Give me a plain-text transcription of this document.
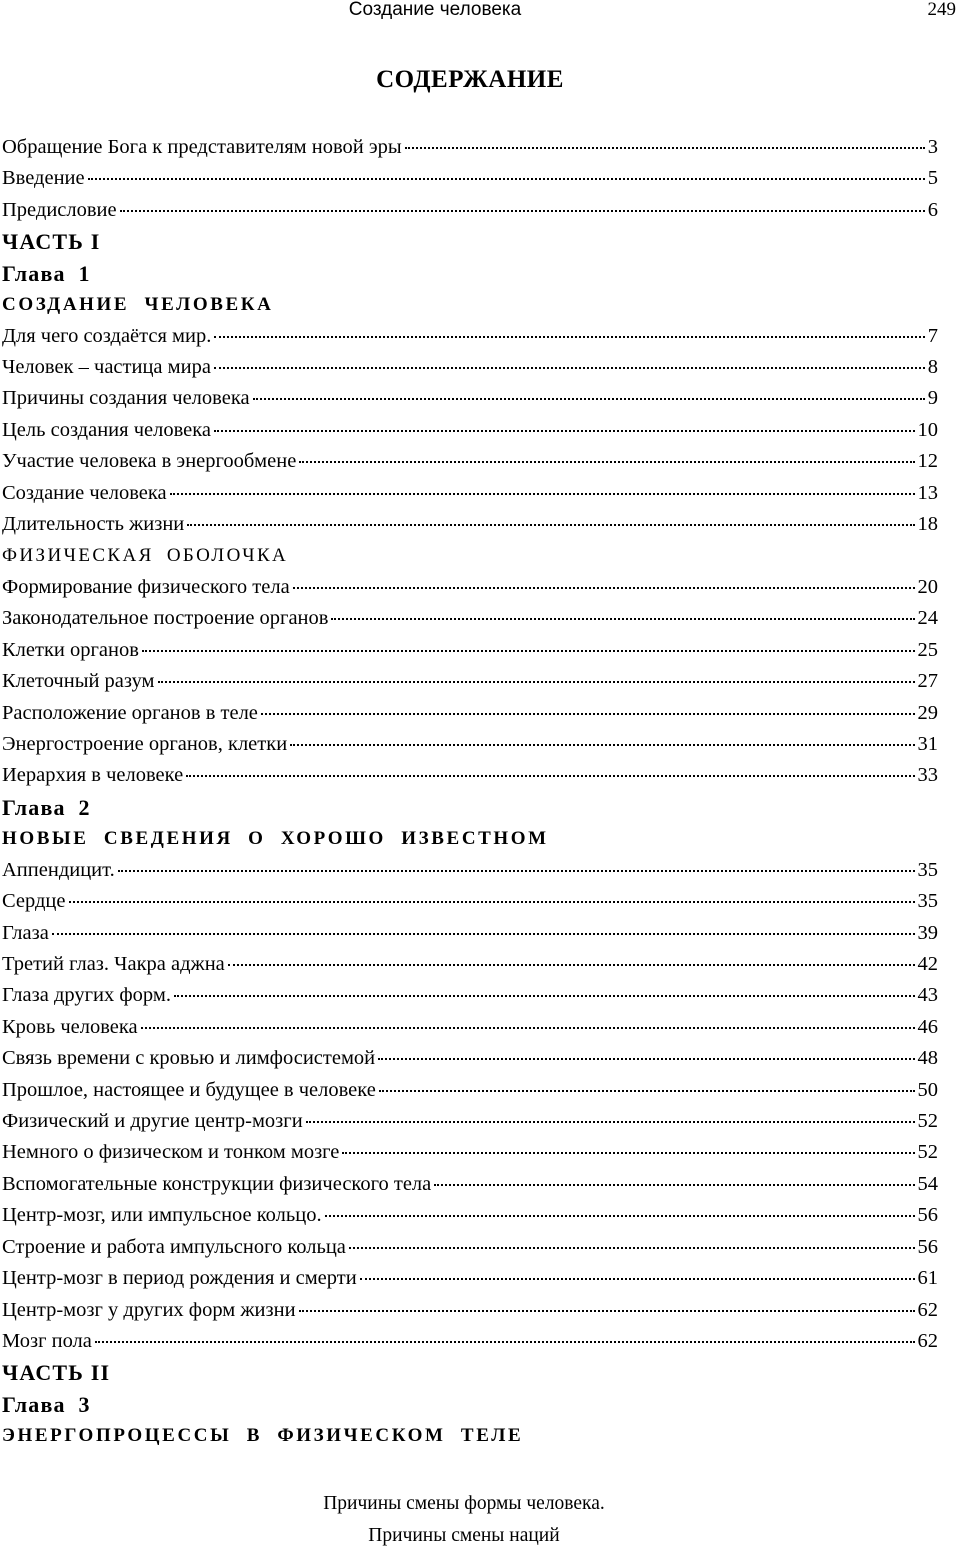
Создание человека	249
СОДЕРЖАНИЕ
Обращение Бога к представителям новой эры	3
Введение	5
Предисловие	6
ЧАСТЬ I
Глава 1
СОЗДАНИЕ ЧЕЛОВЕКА
Для чего создаётся мир.	7
Человек – частица мира	8
Причины создания человека	9
Цель создания человека	10
Участие человека в энергообмене	12
Создание человека	13
Длительность жизни	18
ФИЗИЧЕСКАЯ ОБОЛОЧКА
Формирование физического тела	20
Законодательное построение органов	24
Клетки органов	25
Клеточный разум	27
Расположение органов в теле	29
Энергостроение органов, клетки	31
Иерархия в человеке	33
Глава 2
НОВЫЕ СВЕДЕНИЯ О ХОРОШО ИЗВЕСТНОМ
Аппендицит.	35
Сердце	35
Глаза	39
Третий глаз. Чакра аджна	42
Глаза других форм.	43
Кровь человека	46
Связь времени с кровью и лимфосистемой	48
Прошлое, настоящее и будущее в человеке	50
Физический и другие центр-мозги	52
Немного о физическом и тонком мозге	52
Вспомогательные конструкции физического тела	54
Центр-мозг, или импульсное кольцо.	56
Строение и работа импульсного кольца	56
Центр-мозг в период рождения и смерти	61
Центр-мозг у других форм жизни	62
Мозг пола	62
ЧАСТЬ II
Глава 3
ЭНЕРГОПРОЦЕССЫ В ФИЗИЧЕСКОМ ТЕЛЕ
Причины смены формы человека.
Причины смены наций
